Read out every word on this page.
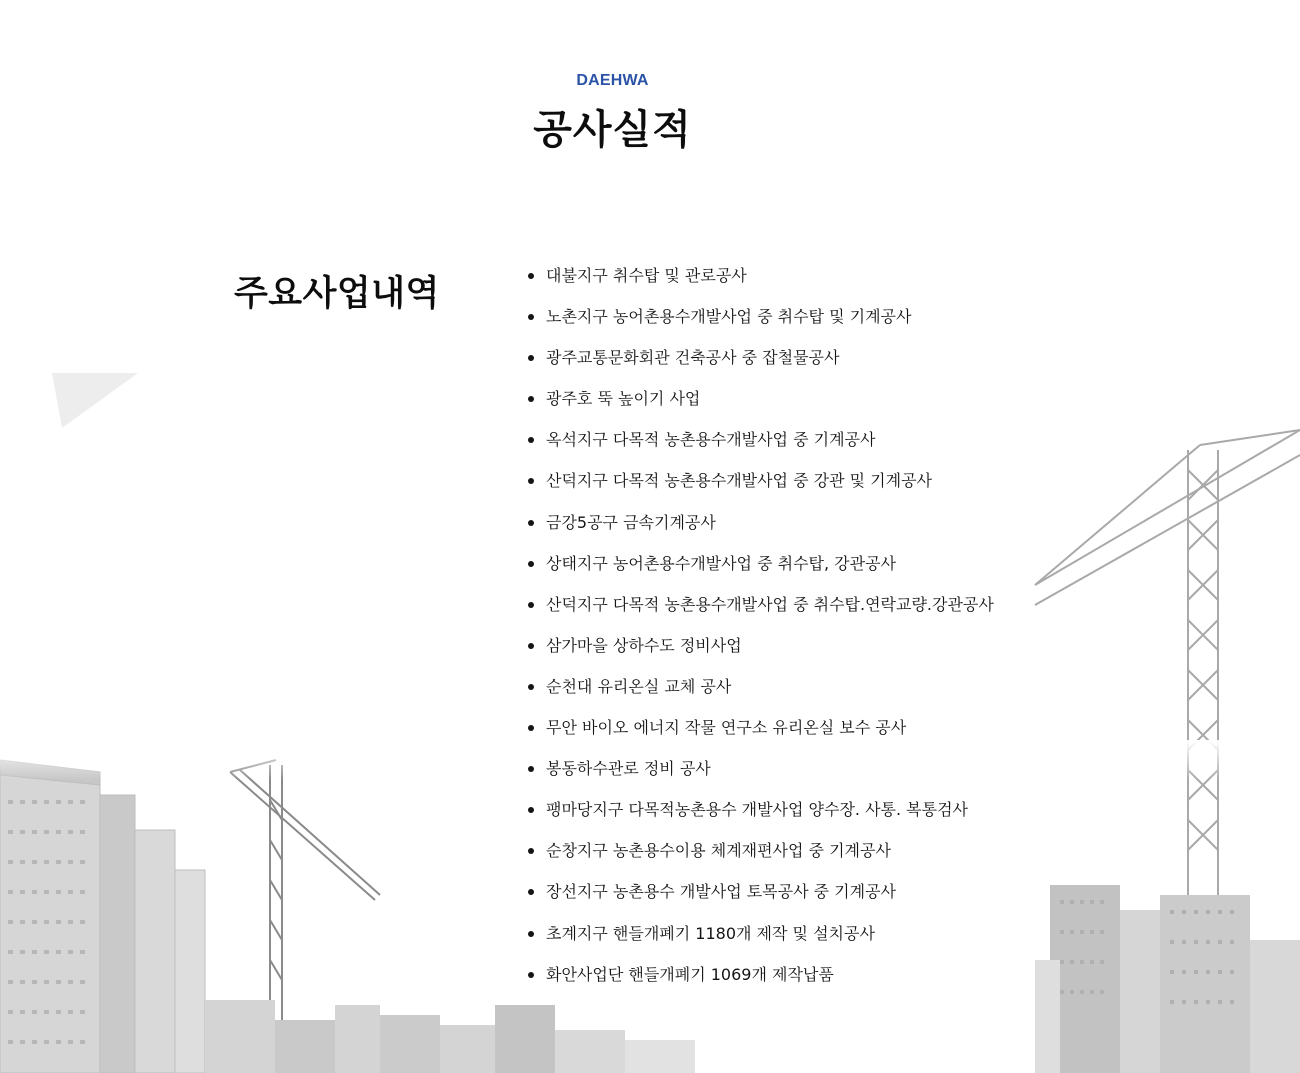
DAEHWA
공사실적
주요사업내역	대불지구 취수탑 및 관로공사
노촌지구 농어촌용수개발사업 중 취수탑 및 기계공사
광주교통문화회관 건축공사 중 잡철물공사
광주호 뚝 높이기 사업
옥석지구 다목적 농촌용수개발사업 중 기계공사
산덕지구 다목적 농촌용수개발사업 중 강관 및 기계공사
금강5공구 금속기계공사
상태지구 농어촌용수개발사업 중 취수탑, 강관공사
산덕지구 다목적 농촌용수개발사업 중 취수탑.연락교량.강관공사
삼가마을 상하수도 정비사업
순천대 유리온실 교체 공사
무안 바이오 에너지 작물 연구소 유리온실 보수 공사
봉동하수관로 정비 공사
팽마당지구 다목적농촌용수 개발사업 양수장. 사통. 복통검사
순창지구 농촌용수이용 체계재편사업 중 기계공사
장선지구 농촌용수 개발사업 토목공사 중 기계공사
초계지구 핸들개폐기 1180개 제작 및 설치공사
화안사업단 핸들개폐기 1069개 제작납품
